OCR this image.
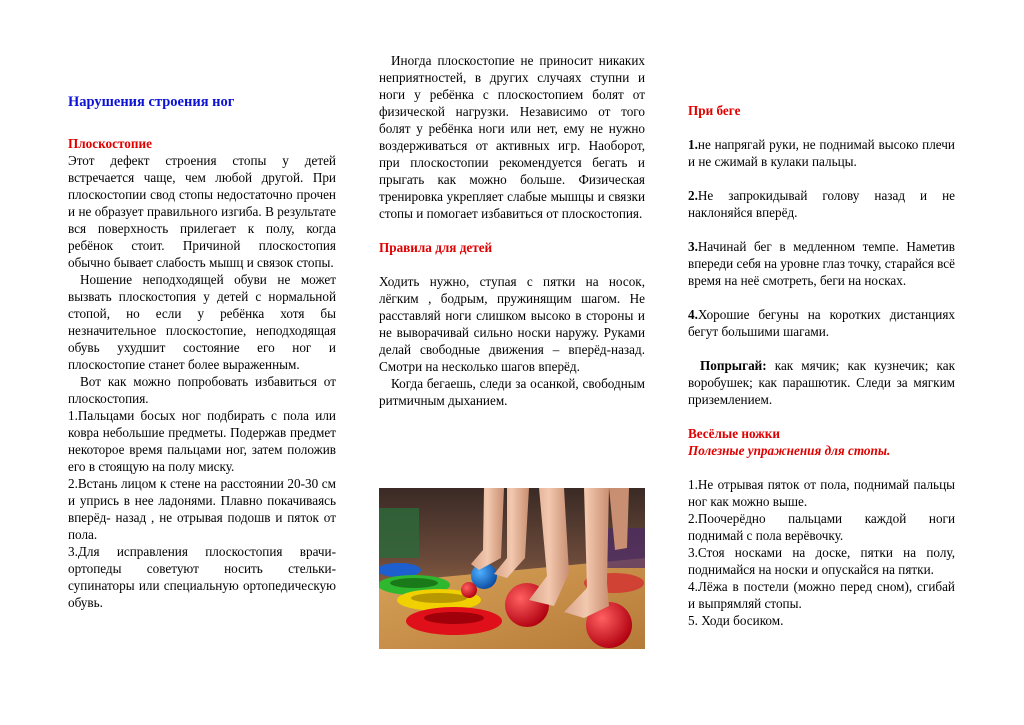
Нарушения строения ног

Плоскостопие

Этот дефект строения стопы у детей встречается чаще, чем любой другой. При плоскостопии свод стопы недостаточно прочен и не образует правильного изгиба. В результате вся поверхность прилегает к полу, когда ребёнок стоит. Причиной плоскостопия обычно бывает слабость мышц и связок стопы.

Ношение неподходящей обуви не может вызвать плоскостопия у детей с нормальной стопой, но если у ребёнка хотя бы незначительное плоскостопие, неподходящая обувь ухудшит состояние его ног и плоскостопие станет более выраженным.

Вот как можно попробовать избавиться от плоскостопия.

1.Пальцами босых ног подбирать с пола или ковра небольшие предметы. Подержав предмет некоторое время пальцами ног, затем положив его в стоящую на полу миску.

2.Встань лицом к стене на расстоянии 20-30 см и упрись в нее ладонями. Плавно покачиваясь вперёд- назад , не отрывая подошв и пяток от пола.

3.Для исправления плоскостопия врачи-ортопеды советуют носить стельки-супинаторы или специальную ортопедическую обувь.

Иногда плоскостопие не приносит никаких неприятностей, в других случаях ступни и ноги у ребёнка с плоскостопием болят от физической нагрузки. Независимо от того болят у ребёнка ноги или нет, ему не нужно воздерживаться от активных игр. Наоборот, при плоскостопии рекомендуется бегать и прыгать как можно больше. Физическая тренировка укрепляет слабые мышцы и связки стопы и помогает избавиться от плоскостопия.

Правила для детей

Ходить нужно, ступая с пятки на носок, лёгким , бодрым, пружинящим шагом. Не расставляй ноги слишком высоко в стороны и не выворачивай сильно носки наружу. Руками делай свободные движения – вперёд-назад. Смотри на несколько шагов вперёд.

Когда бегаешь, следи за осанкой, свободным ритмичным дыханием.

При беге

1.не напрягай руки, не поднимай высоко плечи и не сжимай в кулаки пальцы.

2.Не запрокидывай голову назад и не наклоняйся вперёд.

3.Начинай бег в медленном темпе. Наметив впереди себя на уровне глаз точку, старайся всё время на неё смотреть, беги на носках.

4.Хорошие бегуны на коротких дистанциях бегут большими шагами.

Попрыгай: как мячик; как кузнечик; как воробушек; как парашютик. Следи за мягким приземлением.

Весёлые ножки

Полезные упражнения для стопы.

1.Не отрывая пяток от пола, поднимай пальцы ног как можно выше.

2.Поочерёдно пальцами каждой ноги поднимай с пола верёвочку.

3.Стоя носками на доске, пятки на полу, поднимайся на носки и опускайся на пятки.

4.Лёжа в постели (можно перед сном), сгибай и выпрямляй стопы.

5. Ходи босиком.
